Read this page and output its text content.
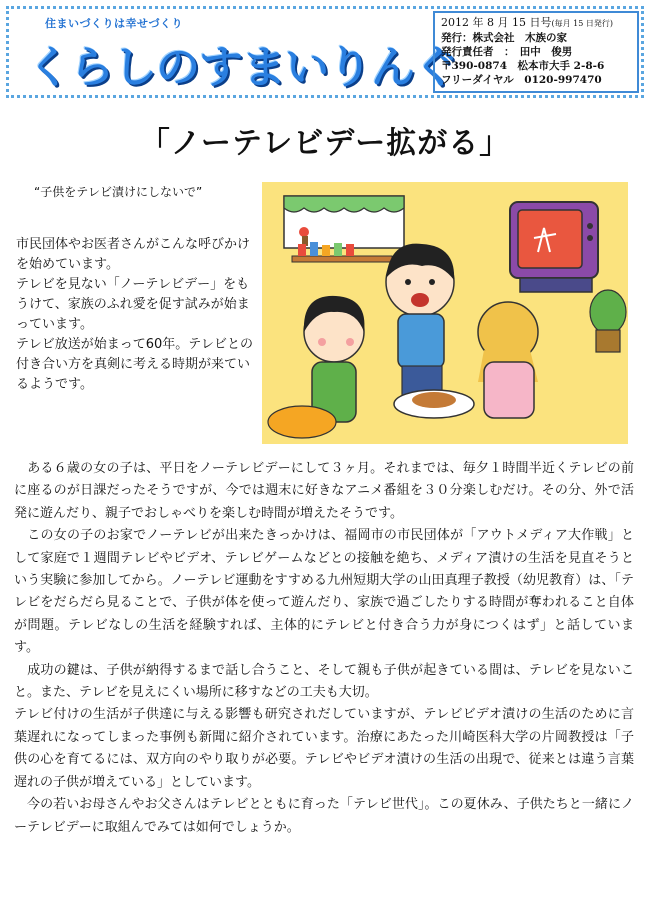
住まいづくりは幸せづくり
くらしのすまいりんぐ
2012 年 8 月 15 日号(毎月 15 日発行)
発行：株式会社　木族の家
発行責任者　：　田中　俊男
〒390-0874　松本市大手 2-8-6
フリーダイヤル　0120-997470
「ノーテレビデー拡がる」
“子供をテレビ漬けにしないで”

市民団体やお医者さんがこんな呼びかけを始めています。

テレビを見ない「ノーテレビデー」をもうけて、家族のふれ愛を促す試みが始まっています。

テレビ放送が始まって60年。テレビとの付き合い方を真剣に考える時期が来ているようです。

　ある６歳の女の子は、平日をノーテレビデーにして３ヶ月。それまでは、毎夕１時間半近くテレビの前に座るのが日課だったそうですが、今では週末に好きなアニメ番組を３０分楽しむだけ。その分、外で活発に遊んだり、親子でおしゃべりを楽しむ時間が増えたそうです。

　この女の子のお家でノーテレビが出来たきっかけは、福岡市の市民団体が「アウトメディア大作戦」として家庭で１週間テレビやビデオ、テレビゲームなどとの接触を絶ち、メディア漬けの生活を見直そうという実験に参加してから。ノーテレビ運動をすすめる九州短期大学の山田真理子教授（幼児教育）は、「テレビをだらだら見ることで、子供が体を使って遊んだり、家族で過ごしたりする時間が奪われること自体が問題。テレビなしの生活を経験すれば、主体的にテレビと付き合う力が身につくはず」と話しています。

　成功の鍵は、子供が納得するまで話し合うこと、そして親も子供が起きている間は、テレビを見ないこと。また、テレビを見えにくい場所に移すなどの工夫も大切。

テレビ付けの生活が子供達に与える影響も研究されだしていますが、テレビビデオ漬けの生活のために言葉遅れになってしまった事例も新聞に紹介されています。治療にあたった川崎医科大学の片岡教授は「子供の心を育てるには、双方向のやり取りが必要。テレビやビデオ漬けの生活の出現で、従来とは違う言葉遅れの子供が増えている」としています。

　今の若いお母さんやお父さんはテレビとともに育った「テレビ世代」。この夏休み、子供たちと一緒にノーテレビデーに取組んでみては如何でしょうか。
